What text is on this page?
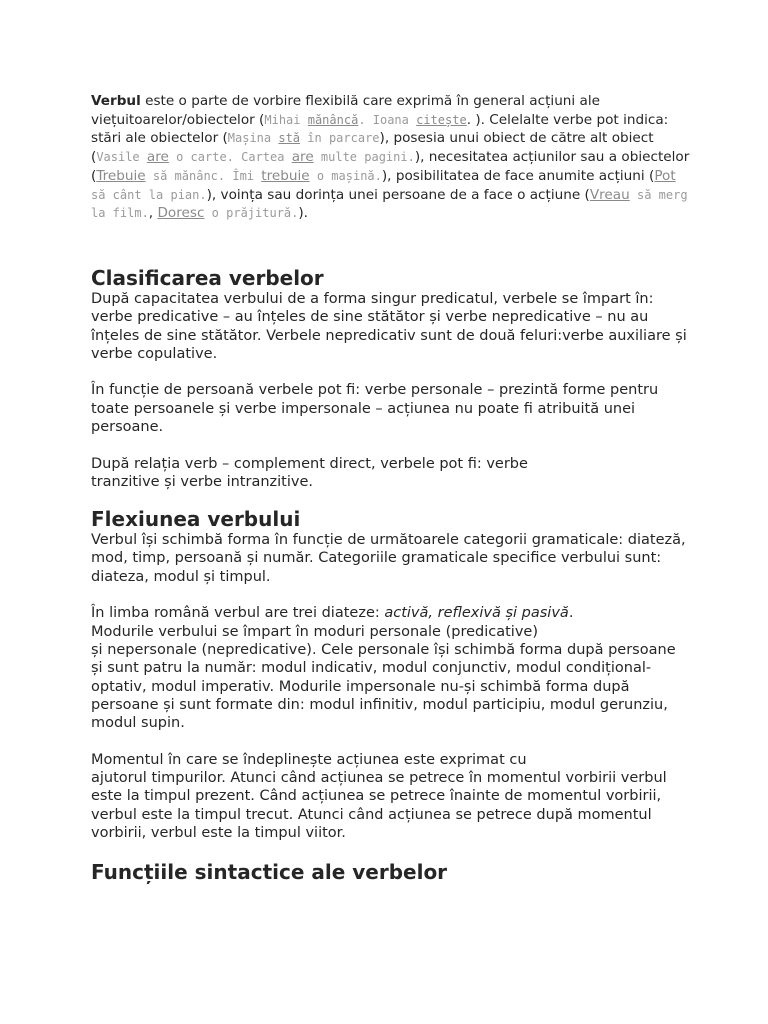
Verbul este o parte de vorbire flexibilă care exprimă în general acțiuni ale viețuitoarelor/obiectelor (Mihai mănâncă. Ioana citește. ). Celelalte verbe pot indica: stări ale obiectelor (Mașina stă în parcare), posesia unui obiect de către alt obiect (Vasile are o carte. Cartea are multe pagini.), necesitatea acțiunilor sau a obiectelor (Trebuie să mănânc. Îmi trebuie o mașină.), posibilitatea de face anumite acțiuni (Pot să cânt la pian.), voința sau dorința unei persoane de a face o acțiune (Vreau să merg la film., Doresc o prăjitură.).

Clasificarea verbelor

După capacitatea verbului de a forma singur predicatul, verbele se împart în: verbe predicative – au înțeles de sine stătător și verbe nepredicative – nu au înțeles de sine stătător. Verbele nepredicativ sunt de două feluri:verbe auxiliare și verbe copulative.

În funcție de persoană verbele pot fi: verbe personale – prezintă forme pentru toate persoanele și verbe impersonale – acțiunea nu poate fi atribuită unei persoane.

După relația verb – complement direct, verbele pot fi: verbe

tranzitive și verbe intranzitive.

Flexiunea verbului

Verbul își schimbă forma în funcție de următoarele categorii gramaticale: diateză, mod, timp, persoană și număr. Categoriile gramaticale specifice verbului sunt: diateza, modul și timpul.

În limba română verbul are trei diateze: activă, reflexivă și pasivă.

Modurile verbului se împart în moduri personale (predicative)

și nepersonale (nepredicative). Cele personale își schimbă forma după persoane și sunt patru la număr: modul indicativ, modul conjunctiv, modul condițional-optativ, modul imperativ. Modurile impersonale nu-și schimbă forma după persoane și sunt formate din: modul infinitiv, modul participiu, modul gerunziu, modul supin.

Momentul în care se îndeplinește acțiunea este exprimat cu

ajutorul timpurilor. Atunci când acțiunea se petrece în momentul vorbirii verbul este la timpul prezent. Când acțiunea se petrece înainte de momentul vorbirii, verbul este la timpul trecut. Atunci când acțiunea se petrece după momentul vorbirii, verbul este la timpul viitor.

Funcțiile sintactice ale verbelor
